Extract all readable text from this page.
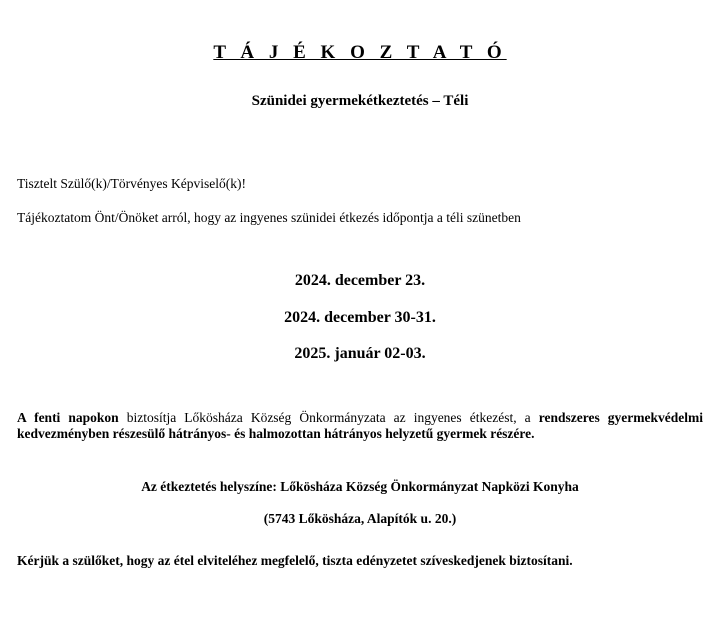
T Á J É K O Z T A T Ó
Szünidei gyermekétkeztetés – Téli
Tisztelt Szülő(k)/Törvényes Képviselő(k)!
Tájékoztatom Önt/Önöket arról, hogy az ingyenes szünidei étkezés időpontja a téli szünetben
2024. december 23.
2024. december 30-31.
2025. január 02-03.
A fenti napokon biztosítja Lőkösháza Község Önkormányzata az ingyenes étkezést, a rendszeres gyermekvédelmi kedvezményben részesülő hátrányos- és halmozottan hátrányos helyzetű gyermek részére.
Az étkeztetés helyszíne: Lőkösháza Község Önkormányzat Napközi Konyha
(5743 Lőkösháza, Alapítók u. 20.)
Kérjük a szülőket, hogy az étel elviteléhez megfelelő, tiszta edényzetet szíveskedjenek biztosítani.
